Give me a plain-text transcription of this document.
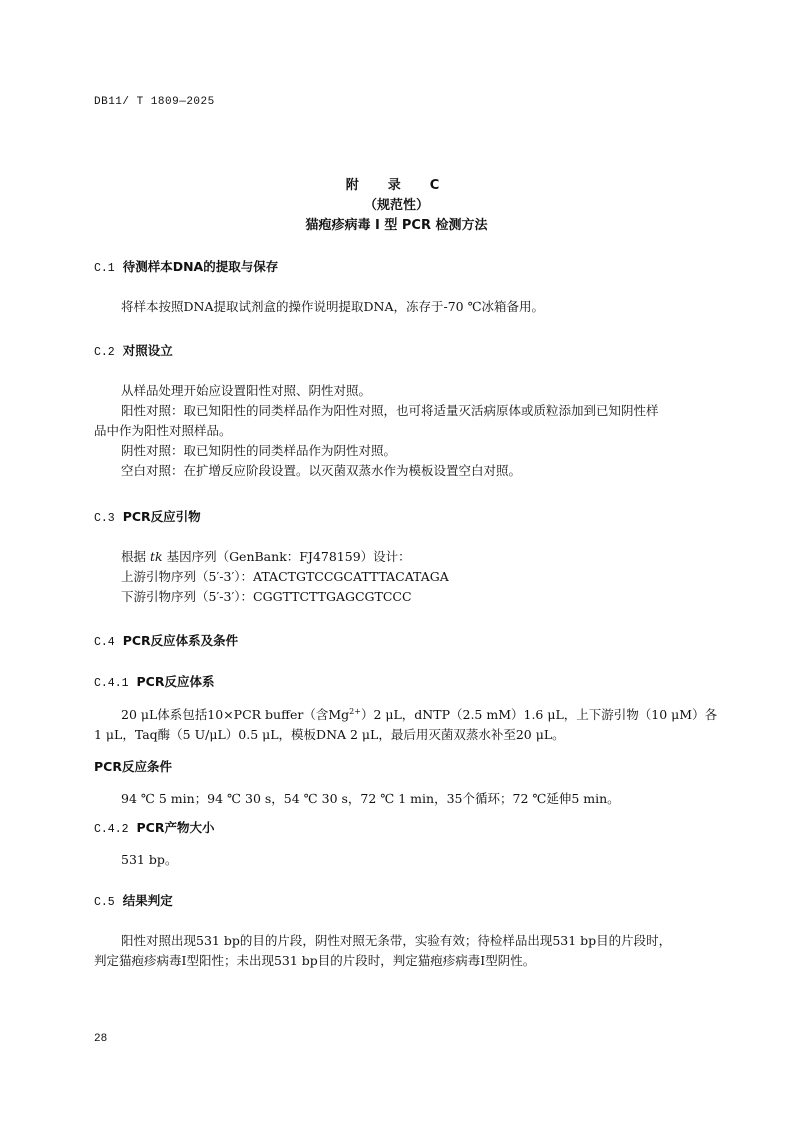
DB11/ T 1809—2025
附　录　C
（规范性）
猫疱疹病毒 I 型 PCR 检测方法
C.1 待测样本DNA的提取与保存
将样本按照DNA提取试剂盒的操作说明提取DNA，冻存于-70 ℃冰箱备用。
C.2 对照设立
从样品处理开始应设置阳性对照、阴性对照。
阳性对照：取已知阳性的同类样品作为阳性对照，也可将适量灭活病原体或质粒添加到已知阴性样
品中作为阳性对照样品。
阴性对照：取已知阴性的同类样品作为阴性对照。
空白对照：在扩增反应阶段设置。以灭菌双蒸水作为模板设置空白对照。
C.3 PCR反应引物
根据 tk 基因序列（GenBank：FJ478159）设计：
上游引物序列（5′-3′）：ATACTGTCCGCATTTACATAGA
下游引物序列（5′-3′）：CGGTTCTTGAGCGTCCC
C.4 PCR反应体系及条件
C.4.1 PCR反应体系
20 μL体系包括10×PCR buffer（含$Mg^{2+})2$ μL，dNTP（2.5 mM）1.6 μL，上下游引物（10 μM）各
1 μL，Taq酶（5 U/μL）0.5 μL，模板DNA 2 μL，最后用灭菌双蒸水补至20 μL。
PCR反应条件
94 ℃ 5 min；94 ℃ 30 s，54 ℃ 30 s，72 ℃ 1 min，35个循环；72 ℃延伸5 min。
C.4.2 PCR产物大小
531 bp。
C.5 结果判定
阳性对照出现531 bp的目的片段，阴性对照无条带，实验有效；待检样品出现531 bp目的片段时，
判定猫疱疹病毒I型阳性；未出现531 bp目的片段时，判定猫疱疹病毒I型阴性。
28
